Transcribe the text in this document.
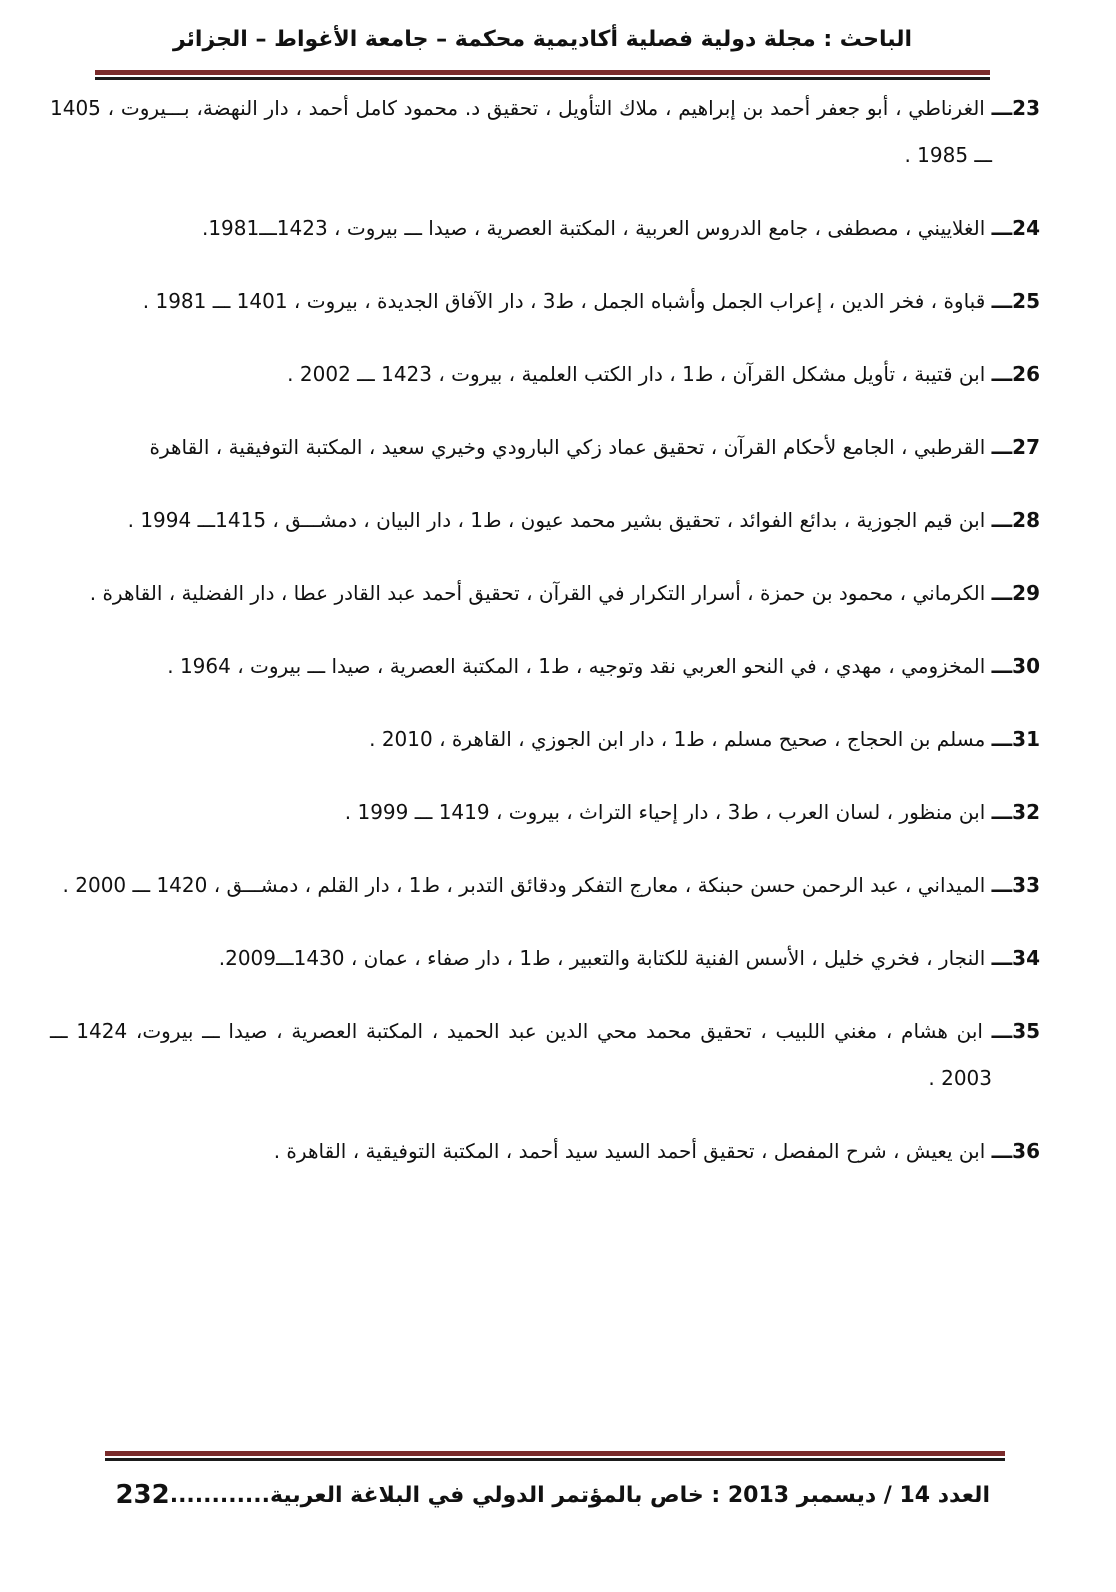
الباحث : مجلة دولية فصلية أكاديمية محكمة – جامعة الأغواط – الجزائر

23ـــ الغرناطي ، أبو جعفر أحمد بن إبراهيم ، ملاك التأويل ، تحقيق د. محمود كامل أحمد ، دار النهضة، بـــيروت ، 1405 ـــ 1985 .

24ـــ الغلاييني ، مصطفى ، جامع الدروس العربية ، المكتبة العصرية ، صيدا ـــ بيروت ، 1423ـــ1981.

25ـــ قباوة ، فخر الدين ، إعراب الجمل وأشباه الجمل ، ط3 ، دار الآفاق الجديدة ، بيروت ، 1401 ـــ 1981 .

26ـــ ابن قتيبة ، تأويل مشكل القرآن ، ط1 ، دار الكتب العلمية ، بيروت ، 1423 ـــ 2002 .

27ـــ القرطبي ، الجامع لأحكام القرآن ، تحقيق عماد زكي البارودي وخيري سعيد ، المكتبة التوفيقية ، القاهرة

28ـــ ابن قيم الجوزية ، بدائع الفوائد ، تحقيق بشير محمد عيون ، ط1 ، دار البيان ، دمشـــق ، 1415ـــ 1994 .

29ـــ الكرماني ، محمود بن حمزة ، أسرار التكرار في القرآن ، تحقيق أحمد عبد القادر عطا ، دار الفضلية ، القاهرة .

30ـــ المخزومي ، مهدي ، في النحو العربي نقد وتوجيه ، ط1 ، المكتبة العصرية ، صيدا ـــ بيروت ، 1964 .

31ـــ مسلم بن الحجاج ، صحيح مسلم ، ط1 ، دار ابن الجوزي ، القاهرة ، 2010 .

32ـــ ابن منظور ، لسان العرب ، ط3 ، دار إحياء التراث ، بيروت ، 1419 ـــ 1999 .

33ـــ الميداني ، عبد الرحمن حسن حبنكة ، معارج التفكر ودقائق التدبر ، ط1 ، دار القلم ، دمشـــق ، 1420 ـــ 2000 .

34ـــ النجار ، فخري خليل ، الأسس الفنية للكتابة والتعبير ، ط1 ، دار صفاء ، عمان ، 1430ـــ2009.

35ـــ ابن هشام ، مغني اللبيب ، تحقيق محمد محي الدين عبد الحميد ، المكتبة العصرية ، صيدا ـــ بيروت، 1424 ـــ 2003 .

36ـــ ابن يعيش ، شرح المفصل ، تحقيق أحمد السيد سيد أحمد ، المكتبة التوفيقية ، القاهرة .

العدد 14 / ديسمبر 2013 : خاص بالمؤتمر الدولي في البلاغة العربية............
232
